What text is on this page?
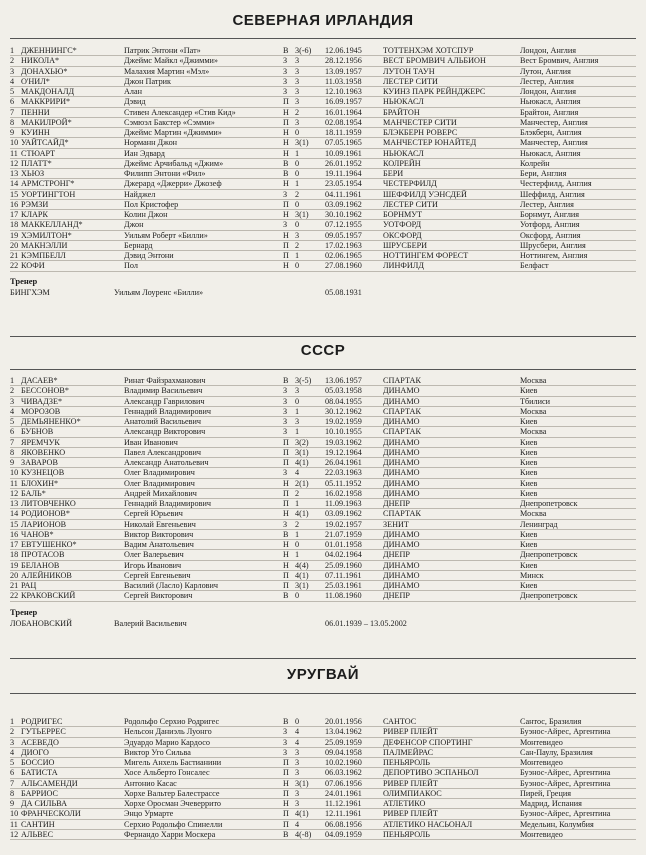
СЕВЕРНАЯ ИРЛАНДИЯ
1 ДЖЕННИНГС*	Патрик Энтони «Пат»	В 3(-6)	12.06.1945	ТОТТЕНХЭМ ХОТСПУР	Лондон, Англия
2 НИКОЛА*	Джеймс Майкл «Джимми»	З 3	28.12.1956	ВЕСТ БРОМВИЧ АЛЬБИОН	Вест Бромвич, Англия
3 ДОНАХЬЮ*	Малахия Мартин «Мэл»	З 3	13.09.1957	ЛУТОН ТАУН	Лутон, Англия
4 О'НИЛ*	Джон Патрик	З 3	11.03.1958	ЛЕСТЕР СИТИ	Лестер, Англия
5 МАКДОНАЛД	Алан	З 3	12.10.1963	КУИНЗ ПАРК РЕЙНДЖЕРС	Лондон, Англия
6 МАККРИРИ*	Дэвид	П 3	16.09.1957	НЬЮКАСЛ	Ньюкасл, Англия
7 ПЕННИ	Стивен Александер «Стив Кид»	Н 2	16.01.1964	БРАЙТОН	Брайтон, Англия
8 МАКИЛРОЙ*	Сэмюэл Бакстер «Сэмми»	П 3	02.08.1954	МАНЧЕСТЕР СИТИ	Манчестер, Англия
9 КУИНН	Джеймс Мартин «Джимми»	Н 0	18.11.1959	БЛЭКБЕРН РОВЕРС	Блэкберн, Англия
10 УАЙТСАЙД*	Норманн Джон	Н 3(1)	07.05.1965	МАНЧЕСТЕР ЮНАЙТЕД	Манчестер, Англия
11 СТЮАРТ	Иан Эдвард	Н 1	10.09.1961	НЬЮКАСЛ	Ньюкасл, Англия
12 ПЛАТТ*	Джеймс Арчибальд «Джим»	В 0	26.01.1952	КОЛРЕЙН	Колрейн
13 ХЬЮЗ	Филипп Энтони «Фил»	В 0	19.11.1964	БЕРИ	Бери, Англия
14 АРМСТРОНГ*	Джерард «Джерри» Джозеф	Н 1	23.05.1954	ЧЕСТЕРФИЛД	Честерфилд, Англия
15 УОРТИНГТОН	Найджел	З 2	04.11.1961	ШЕФФИЛД УЭНСДЕЙ	Шеффилд, Англия
16 РЭМЗИ	Пол Кристофер	П 0	03.09.1962	ЛЕСТЕР СИТИ	Лестер, Англия
17 КЛАРК	Колин Джон	Н 3(1)	30.10.1962	БОРНМУТ	Борнмут, Англия
18 МАККЕЛЛАНД*	Джон	З 0	07.12.1955	УОТФОРД	Уотфорд, Англия
19 ХЭМИЛТОН*	Уильям Роберт «Билли»	Н 3	09.05.1957	ОКСФОРД	Оксфорд, Англия
20 МАКНЭЛЛИ	Бернард	П 2	17.02.1963	ШРУСБЕРИ	Шрусбери, Англия
21 КЭМПБЕЛЛ	Дэвид Энтони	П 1	02.06.1965	НОТТИНГЕМ ФОРЕСТ	Ноттингем, Англия
22 КОФИ	Пол	Н 0	27.08.1960	ЛИНФИЛД	Белфаст
Тренер
БИНГХЭМ	Уильям Лоуренс «Билли»	05.08.1931
СССР
1 ДАСАЕВ*	Ринат Файзрахманович	В 3(-5)	13.06.1957	СПАРТАК	Москва
2 БЕССОНОВ*	Владимир Васильевич	З 3	05.03.1958	ДИНАМО	Киев
3 ЧИВАДЗЕ*	Александр Гаврилович	З 0	08.04.1955	ДИНАМО	Тбилиси
4 МОРОЗОВ	Геннадий Владимирович	З 1	30.12.1962	СПАРТАК	Москва
5 ДЕМЬЯНЕНКО*	Анатолий Васильевич	З 3	19.02.1959	ДИНАМО	Киев
6 БУБНОВ	Александр Викторович	З 1	10.10.1955	СПАРТАК	Москва
7 ЯРЕМЧУК	Иван Иванович	П 3(2)	19.03.1962	ДИНАМО	Киев
8 ЯКОВЕНКО	Павел Александрович	П 3(1)	19.12.1964	ДИНАМО	Киев
9 ЗАВАРОВ	Александр Анатольевич	П 4(1)	26.04.1961	ДИНАМО	Киев
10 КУЗНЕЦОВ	Олег Владимирович	З 4	22.03.1963	ДИНАМО	Киев
11 БЛОХИН*	Олег Владимирович	Н 2(1)	05.11.1952	ДИНАМО	Киев
12 БАЛЬ*	Андрей Михайлович	П 2	16.02.1958	ДИНАМО	Киев
13 ЛИТОВЧЕНКО	Геннадий Владимирович	П 1	11.09.1963	ДНЕПР	Днепропетровск
14 РОДИОНОВ*	Сергей Юрьевич	Н 4(1)	03.09.1962	СПАРТАК	Москва
15 ЛАРИОНОВ	Николай Евгеньевич	З 2	19.02.1957	ЗЕНИТ	Ленинград
16 ЧАНОВ*	Виктор Викторович	В 1	21.07.1959	ДИНАМО	Киев
17 ЕВТУШЕНКО*	Вадим Анатольевич	Н 0	01.01.1958	ДИНАМО	Киев
18 ПРОТАСОВ	Олег Валерьевич	Н 1	04.02.1964	ДНЕПР	Днепропетровск
19 БЕЛАНОВ	Игорь Иванович	Н 4(4)	25.09.1960	ДИНАМО	Киев
20 АЛЕЙНИКОВ	Сергей Евгеньевич	П 4(1)	07.11.1961	ДИНАМО	Минск
21 РАЦ	Василий (Ласло) Карлович	П 3(1)	25.03.1961	ДИНАМО	Киев
22 КРАКОВСКИЙ	Сергей Викторович	В 0	11.08.1960	ДНЕПР	Днепропетровск
Тренер
ЛОБАНОВСКИЙ	Валерий Васильевич	06.01.1939 – 13.05.2002
УРУГВАЙ
1 РОДРИГЕС	Родольфо Серхио Родригес	В 0	20.01.1956	САНТОС	Сантос, Бразилия
2 ГУТЬЕРРЕС	Нельсон Даниэль Луонго	З 4	13.04.1962	РИВЕР ПЛЕЙТ	Буэнос-Айрес, Аргентина
3 АСЕВЕДО	Эдуардо Марио Кардосо	З 4	25.09.1959	ДЕФЕНСОР СПОРТИНГ	Монтевидео
4 ДИОГО	Виктор Уго Сильва	З 3	09.04.1958	ПАЛМЕЙРАС	Сан-Паулу, Бразилия
5 БОССИО	Мигель Анхель Бастианини	П 3	10.02.1960	ПЕНЬЯРОЛЬ	Монтевидео
6 БАТИСТА	Хосе Альберто Гонсалес	П 3	06.03.1962	ДЕПОРТИВО ЭСПАНЬОЛ	Буэнос-Айрес, Аргентина
7 АЛЬСАМЕНДИ	Антонио Касас	Н 3(1)	07.06.1956	РИВЕР ПЛЕЙТ	Буэнос-Айрес, Аргентина
8 БАРРИОС	Хорхе Вальтер Балестрассе	П 3	24.01.1961	ОЛИМПИАКОС	Пирей, Греция
9 ДА СИЛЬВА	Хорхе Оросман Эчеверрито	Н 3	11.12.1961	АТЛЕТИКО	Мадрид, Испания
10 ФРАНЧЕСКОЛИ	Энцо Урмарте	П 4(1)	12.11.1961	РИВЕР ПЛЕЙТ	Буэнос-Айрес, Аргентина
11 САНТИН	Серхио Родольфо Спинелли	П 4	06.08.1956	АТЛЕТИКО НАСЬОНАЛ	Медельин, Колумбия
12 АЛЬВЕС	Фернандо Харри Москера	В 4(-8)	04.09.1959	ПЕНЬЯРОЛЬ	Монтевидео
